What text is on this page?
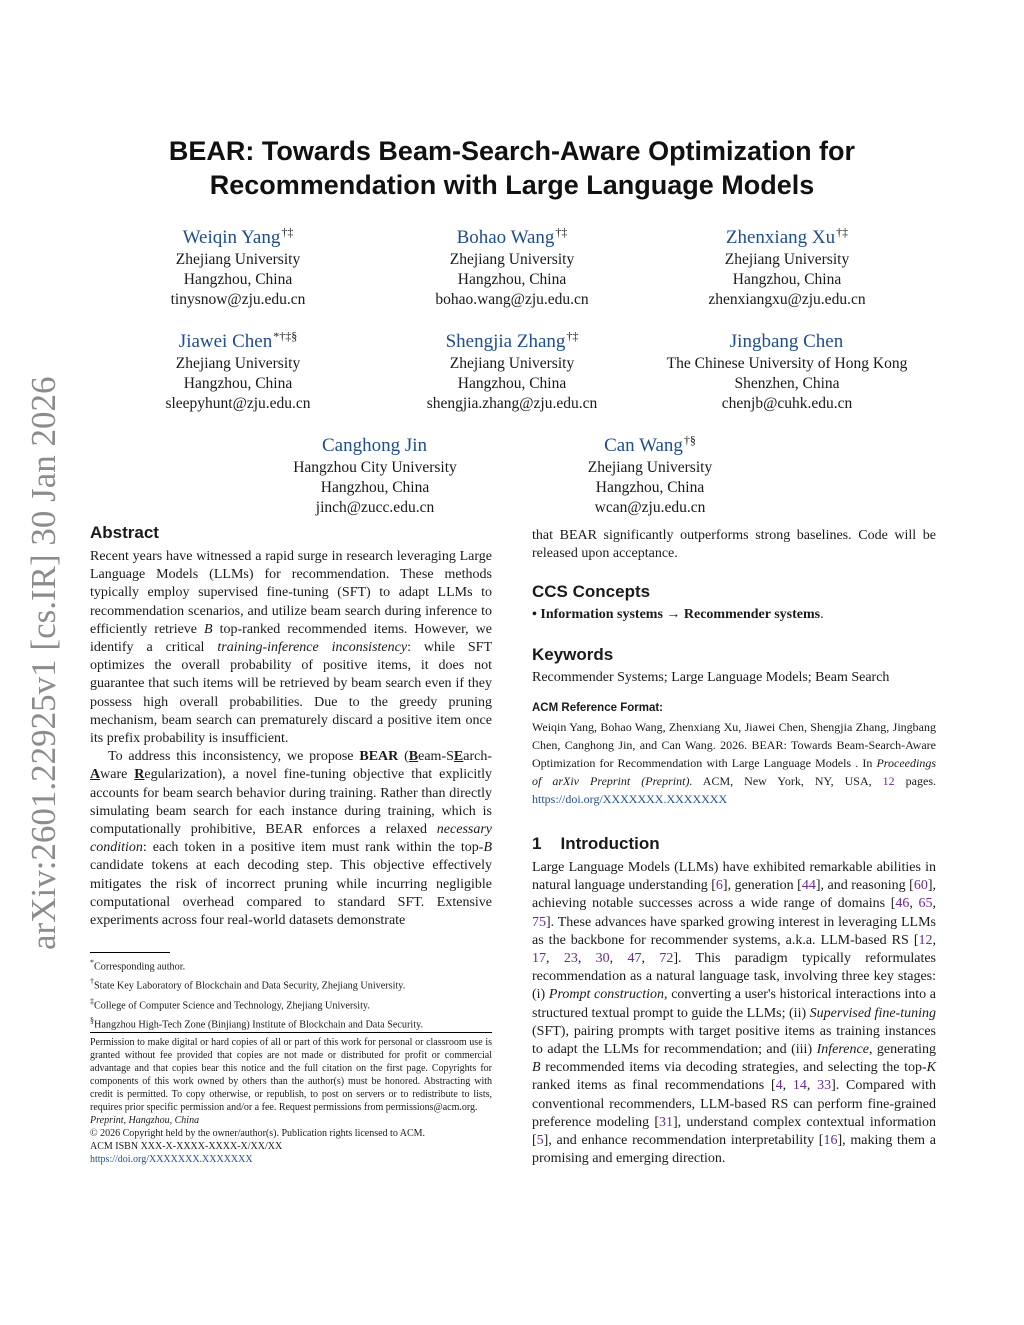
arXiv:2601.22925v1 [cs.IR] 30 Jan 2026
BEAR: Towards Beam-Search-Aware Optimization for
Recommendation with Large Language Models
Weiqin Yang†‡
Zhejiang University
Hangzhou, China
tinysnow@zju.edu.cn
Bohao Wang†‡
Zhejiang University
Hangzhou, China
bohao.wang@zju.edu.cn
Zhenxiang Xu†‡
Zhejiang University
Hangzhou, China
zhenxiangxu@zju.edu.cn
Jiawei Chen*†‡§
Zhejiang University
Hangzhou, China
sleepyhunt@zju.edu.cn
Shengjia Zhang†‡
Zhejiang University
Hangzhou, China
shengjia.zhang@zju.edu.cn
Jingbang Chen
The Chinese University of Hong Kong
Shenzhen, China
chenjb@cuhk.edu.cn
Canghong Jin
Hangzhou City University
Hangzhou, China
jinch@zucc.edu.cn
Can Wang†§
Zhejiang University
Hangzhou, China
wcan@zju.edu.cn
Abstract

Recent years have witnessed a rapid surge in research leveraging Large Language Models (LLMs) for recommendation. These methods typically employ supervised fine-tuning (SFT) to adapt LLMs to recommendation scenarios, and utilize beam search during inference to efficiently retrieve B top-ranked recommended items. However, we identify a critical training-inference inconsistency: while SFT optimizes the overall probability of positive items, it does not guarantee that such items will be retrieved by beam search even if they possess high overall probabilities. Due to the greedy pruning mechanism, beam search can prematurely discard a positive item once its prefix probability is insufficient.

To address this inconsistency, we propose BEAR (Beam-SEarch-Aware Regularization), a novel fine-tuning objective that explicitly accounts for beam search behavior during training. Rather than directly simulating beam search for each instance during training, which is computationally prohibitive, BEAR enforces a relaxed necessary condition: each token in a positive item must rank within the top-B candidate tokens at each decoding step. This objective effectively mitigates the risk of incorrect pruning while incurring negligible computational overhead compared to standard SFT. Extensive experiments across four real-world datasets demonstrate

*Corresponding author.
†State Key Laboratory of Blockchain and Data Security, Zhejiang University.
‡College of Computer Science and Technology, Zhejiang University.
§Hangzhou High-Tech Zone (Binjiang) Institute of Blockchain and Data Security.

Permission to make digital or hard copies of all or part of this work for personal or classroom use is granted without fee provided that copies are not made or distributed for profit or commercial advantage and that copies bear this notice and the full citation on the first page. Copyrights for components of this work owned by others than the author(s) must be honored. Abstracting with credit is permitted. To copy otherwise, or republish, to post on servers or to redistribute to lists, requires prior specific permission and/or a fee. Request permissions from permissions@acm.org.

Preprint, Hangzhou, China

© 2026 Copyright held by the owner/author(s). Publication rights licensed to ACM.

ACM ISBN XXX-X-XXXX-XXXX-X/XX/XX

https://doi.org/XXXXXXX.XXXXXXX

that BEAR significantly outperforms strong baselines. Code will be released upon acceptance.
CCS Concepts
• Information systems → Recommender systems.
Keywords
Recommender Systems; Large Language Models; Beam Search
ACM Reference Format:
Weiqin Yang, Bohao Wang, Zhenxiang Xu, Jiawei Chen, Shengjia Zhang, Jingbang Chen, Canghong Jin, and Can Wang. 2026. BEAR: Towards Beam-Search-Aware Optimization for Recommendation with Large Language Models . In Proceedings of arXiv Preprint (Preprint). ACM, New York, NY, USA, 12 pages. https://doi.org/XXXXXXX.XXXXXXX
1 Introduction

Large Language Models (LLMs) have exhibited remarkable abilities in natural language understanding [6], generation [44], and reasoning [60], achieving notable successes across a wide range of domains [46, 65, 75]. These advances have sparked growing interest in leveraging LLMs as the backbone for recommender systems, a.k.a. LLM-based RS [12, 17, 23, 30, 47, 72]. This paradigm typically reformulates recommendation as a natural language task, involving three key stages: (i) Prompt construction, converting a user's historical interactions into a structured textual prompt to guide the LLMs; (ii) Supervised fine-tuning (SFT), pairing prompts with target positive items as training instances to adapt the LLMs for recommendation; and (iii) Inference, generating B recommended items via decoding strategies, and selecting the top-K ranked items as final recommendations [4, 14, 33]. Compared with conventional recommenders, LLM-based RS can perform fine-grained preference modeling [31], understand complex contextual information [5], and enhance recommendation interpretability [16], making them a promising and emerging direction.
